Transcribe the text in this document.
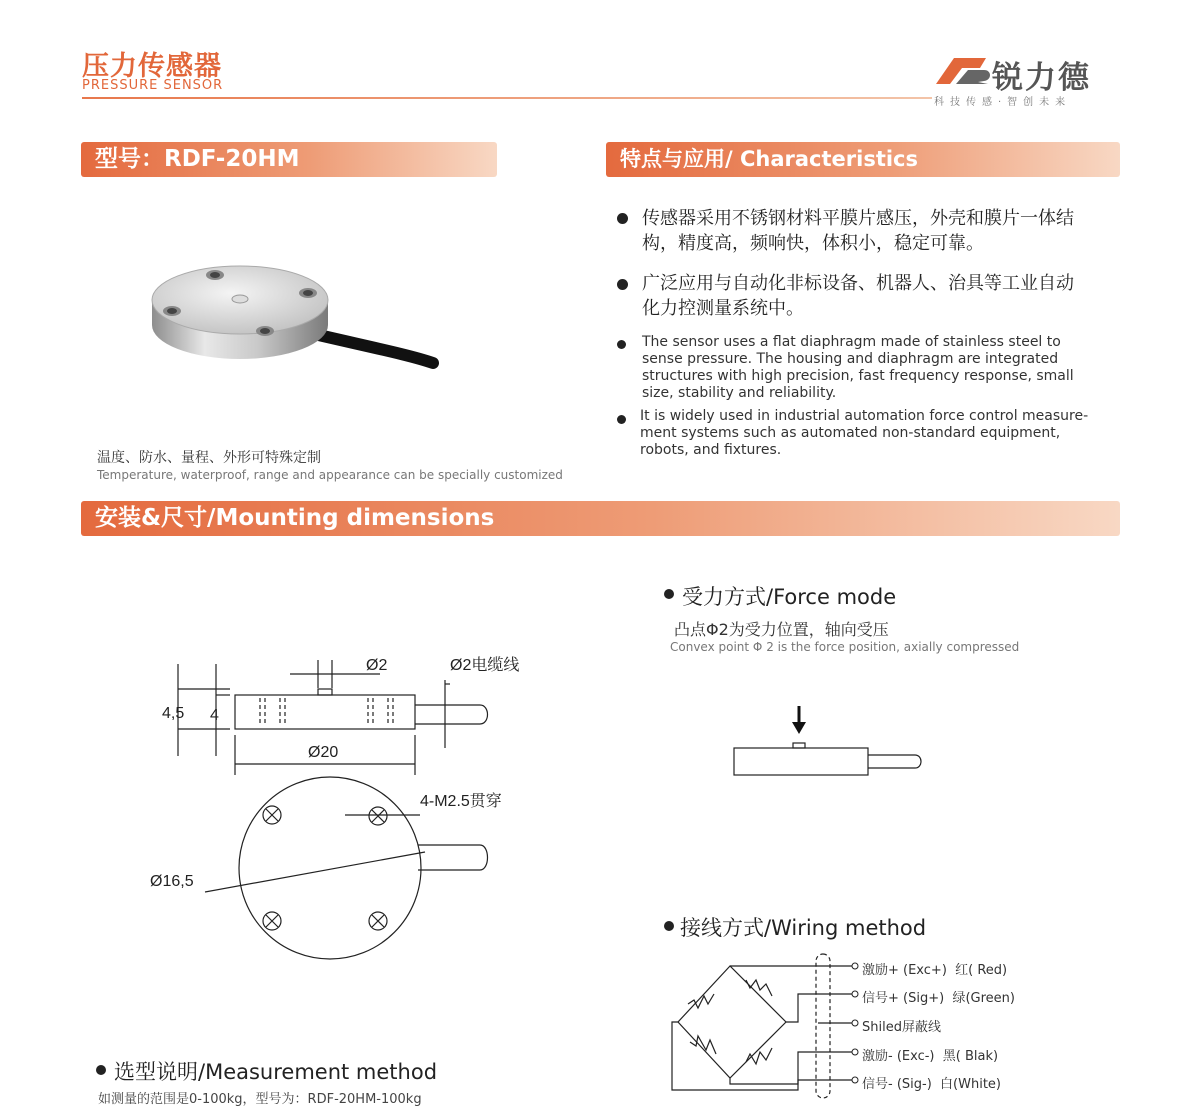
压力传感器
PRESSURE SENSOR	锐力德
科技传感·智创未来
型号：RDF-20HM
温度、防水、量程、外形可特殊定制
Temperature, waterproof, range and appearance can be specially customized
特点与应用/ Characteristics
传感器采用不锈钢材料平膜片感压，外壳和膜片一体结构，精度高，频响快，体积小，稳定可靠。
广泛应用与自动化非标设备、机器人、治具等工业自动化力控测量系统中。
The sensor uses a flat diaphragm made of stainless steel to sense pressure. The housing and diaphragm are integrated structures with high precision, fast frequency response, small size, stability and reliability.
It is widely used in industrial automation force control measure-ment systems such as automated non-standard equipment, robots, and fixtures.
安装&尺寸/Mounting dimensions
Ø2	Ø2电缆线
4,5 4
Ø20
4-M2.5贯穿
Ø16,5
受力方式/Force mode
凸点Φ2为受力位置，轴向受压
Convex point Φ 2 is the force position, axially compressed
接线方式/Wiring method
激励+ (Exc+) 红( Red)
信号+ (Sig+) 绿(Green)
Shiled屏蔽线
激励- (Exc-) 黑( Blak)
信号- (Sig-) 白(White)
选型说明/Measurement method
如测量的范围是0-100kg，型号为：RDF-20HM-100kg
